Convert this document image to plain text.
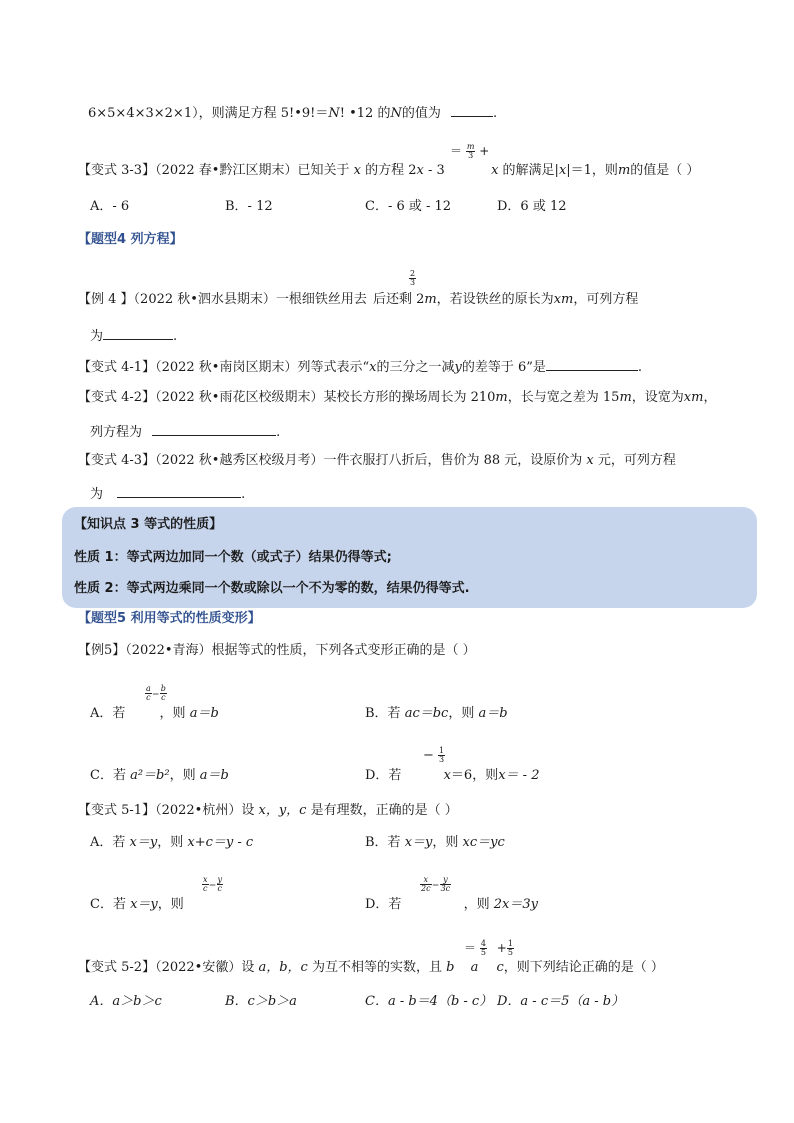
6×5×4×3×2×1），则满足方程 5!•9!＝N! •12 的N的值为	.
【变式 3-3】（2022 春•黔江区期末）已知关于 x 的方程 2x - 3	x 的解满足|x|＝1，则m的值是（ ）
＝ $\frac{m}{3}$ +
A．- 6	B．- 12	C．- 6 或 - 12	D．6 或 12
【题型4 列方程】
【例 4 】（2022 秋•泗水县期末）一根细铁丝用去 后还剩 2m，若设铁丝的原长为xm，可列方程
$\frac{2}{3}$
为	.
【变式 4-1】（2022 秋•南岗区期末）列等式表示“x的三分之一减y的差等于 6”是	.
【变式 4-2】（2022 秋•雨花区校级期末）某校长方形的操场周长为 210m，长与宽之差为 15m，设宽为xm，
列方程为	.
【变式 4-3】（2022 秋•越秀区校级月考）一件衣服打八折后，售价为 88 元，设原价为 x 元，可列方程
为	.
【知识点 3 等式的性质】
性质 1：等式两边加同一个数（或式子）结果仍得等式;
性质 2：等式两边乘同一个数或除以一个不为零的数，结果仍得等式.
【题型5 利用等式的性质变形】
【例5】（2022•青海）根据等式的性质，下列各式变形正确的是（ ）
A．若	，则 a＝b
$\frac{a}{c} = \frac{b}{c}$
B．若 ac＝bc，则 a＝b
C．若 a²＝b²，则 a＝b	D．若	x＝6，则x＝ - 2
− $\frac{1}{3}$
【变式 5-1】（2022•杭州）设 x，y，c 是有理数，正确的是（ ）
A．若 x＝y，则 x+c＝y - c	B．若 x＝y，则 xc＝yc
C．若 x＝y，则
$\frac{x}{c} = \frac{y}{c}$
D．若	，则 2x＝3y
$\frac{x}{2c} = \frac{y}{3c}$
【变式 5-2】（2022•安徽）设 a，b，c 为互不相等的实数，且 b a c，则下列结论正确的是（ ）
＝ $\frac{4}{5} + \frac{1}{5}$
A．a＞b＞c	B．c＞b＞a	C．a - b＝4（b - c） D．a - c＝5（a - b）
